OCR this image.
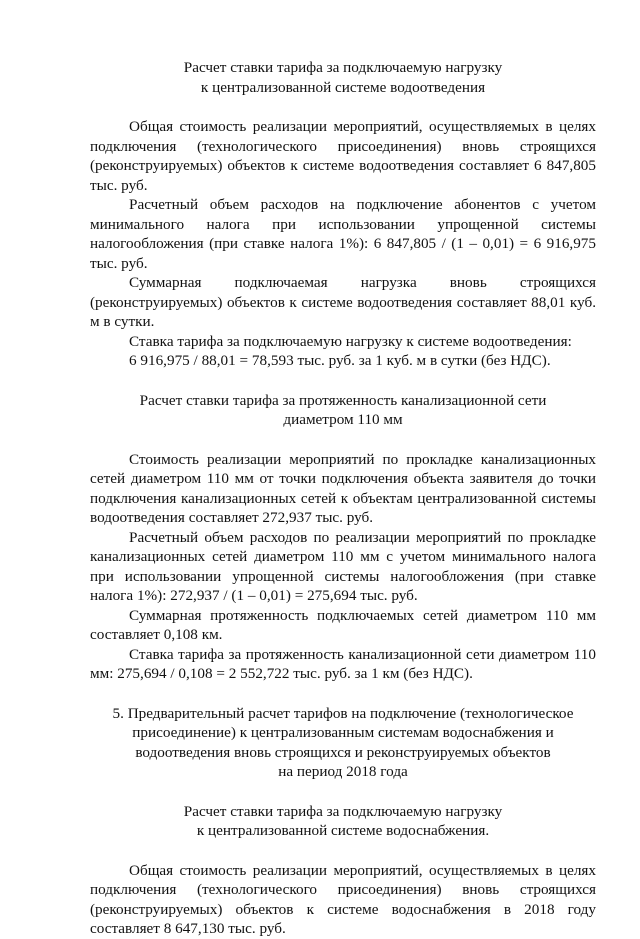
Расчет ставки тарифа за подключаемую нагрузку
к централизованной системе водоотведения

Общая стоимость реализации мероприятий, осуществляемых в целях подключения (технологического присоединения) вновь строящихся (реконструируемых) объектов к системе водоотведения составляет 6 847,805 тыс. руб.

Расчетный объем расходов на подключение абонентов с учетом минимального налога при использовании упрощенной системы налогообложения (при ставке налога 1%): 6 847,805 / (1 – 0,01) = 6 916,975 тыс. руб.

Суммарная подключаемая нагрузка вновь строящихся (реконструируемых) объектов к системе водоотведения составляет 88,01 куб. м в сутки.

Ставка тарифа за подключаемую нагрузку к системе водоотведения:

6 916,975 / 88,01 = 78,593 тыс. руб. за 1 куб. м в сутки (без НДС).

Расчет ставки тарифа за протяженность канализационной сети
диаметром 110 мм

Стоимость реализации мероприятий по прокладке канализационных сетей диаметром 110 мм от точки подключения объекта заявителя до точки подключения канализационных сетей к объектам централизованной системы водоотведения составляет 272,937 тыс. руб.

Расчетный объем расходов по реализации мероприятий по прокладке канализационных сетей диаметром 110 мм с учетом минимального налога при использовании упрощенной системы налогообложения (при ставке налога 1%): 272,937 / (1 – 0,01) = 275,694 тыс. руб.

Суммарная протяженность подключаемых сетей диаметром 110 мм составляет 0,108 км.

Ставка тарифа за протяженность канализационной сети диаметром 110 мм: 275,694 / 0,108 = 2 552,722 тыс. руб. за 1 км (без НДС).

5. Предварительный расчет тарифов на подключение (технологическое
присоединение) к централизованным системам водоснабжения и
водоотведения вновь строящихся и реконструируемых объектов
на период 2018 года
Расчет ставки тарифа за подключаемую нагрузку
к централизованной системе водоснабжения.

Общая стоимость реализации мероприятий, осуществляемых в целях подключения (технологического присоединения) вновь строящихся (реконструируемых) объектов к системе водоснабжения в 2018 году составляет 8 647,130 тыс. руб.
